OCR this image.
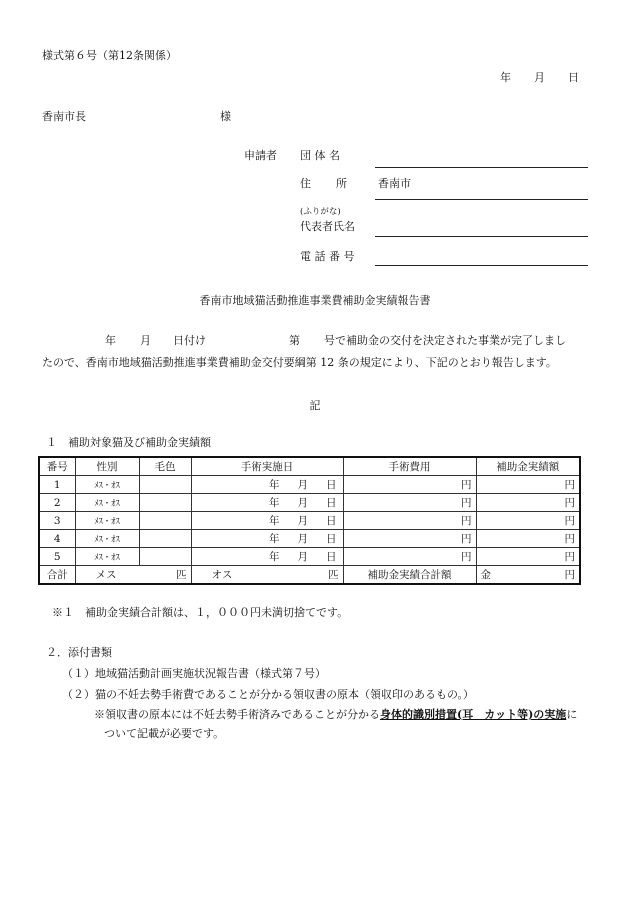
様式第６号（第12条関係）
年 月 日
香南市長	様
申請者 団 体 名
住　　所	香南市
(ふりがな)
代表者氏名
電 話 番 号
香南市地域猫活動推進事業費補助金実績報告書
年 月 日付け	第 号で補助金の交付を決定された事業が完了しまし
たので、香南市地域猫活動推進事業費補助金交付要綱第 12 条の規定により、下記のとおり報告します。
記
１　補助対象猫及び補助金実績額
番号	性別	毛色	手術実施日	手術費用	補助金実績額
1	ﾒｽ・ｵｽ		年 月 日	円	円
2	ﾒｽ・ｵｽ		年 月 日	円	円
3	ﾒｽ・ｵｽ		年 月 日	円	円
4	ﾒｽ・ｵｽ		年 月 日	円	円
5	ﾒｽ・ｵｽ		年 月 日	円	円
合計	メス 匹		オス 匹	補助金実績合計額	金 円
※１　補助金実績合計額は、１，０００円未満切捨てです。
２．添付書類
（１）地域猫活動計画実施状況報告書（様式第７号）
（２）猫の不妊去勢手術費であることが分かる領収書の原本（領収印のあるもの。）
※領収書の原本には不妊去勢手術済みであることが分かる身体的識別措置(耳　カット等)の実施に
ついて記載が必要です。
